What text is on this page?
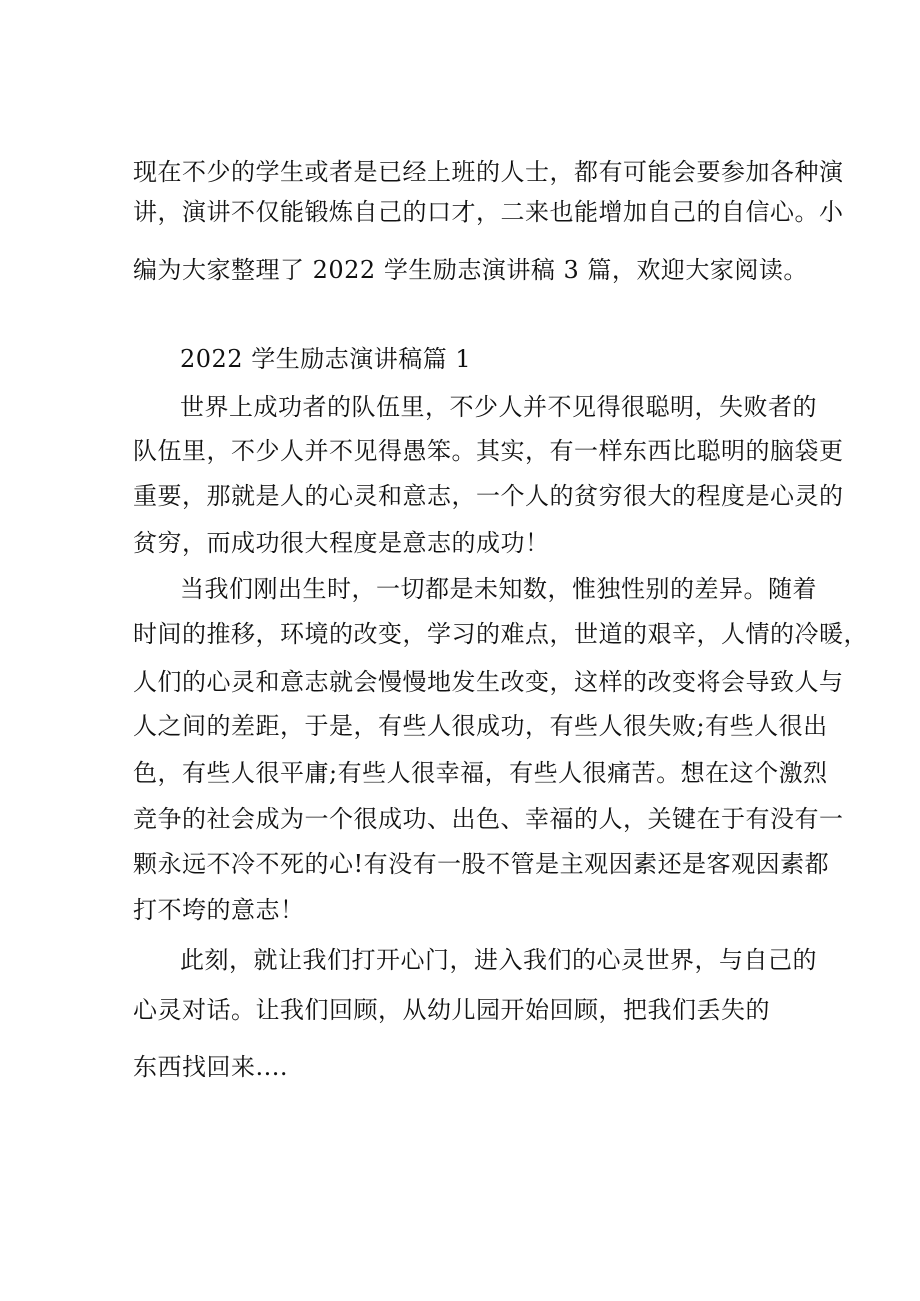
现在不少的学生或者是已经上班的人士，都有可能会要参加各种演
讲，演讲不仅能锻炼自己的口才，二来也能增加自己的自信心。小
编为大家整理了 2022 学生励志演讲稿 3 篇，欢迎大家阅读。
2022 学生励志演讲稿篇 1
世界上成功者的队伍里，不少人并不见得很聪明，失败者的
队伍里，不少人并不见得愚笨。其实，有一样东西比聪明的脑袋更
重要，那就是人的心灵和意志，一个人的贫穷很大的程度是心灵的
贫穷，而成功很大程度是意志的成功！
当我们刚出生时，一切都是未知数，惟独性别的差异。随着
时间的推移，环境的改变，学习的难点，世道的艰辛，人情的冷暖，
人们的心灵和意志就会慢慢地发生改变，这样的改变将会导致人与
人之间的差距，于是，有些人很成功，有些人很失败;有些人很出
色，有些人很平庸;有些人很幸福，有些人很痛苦。想在这个激烈
竞争的社会成为一个很成功、出色、幸福的人，关键在于有没有一
颗永远不冷不死的心!有没有一股不管是主观因素还是客观因素都
打不垮的意志！
此刻，就让我们打开心门，进入我们的心灵世界，与自己的
心灵对话。让我们回顾，从幼儿园开始回顾，把我们丢失的
东西找回来....
